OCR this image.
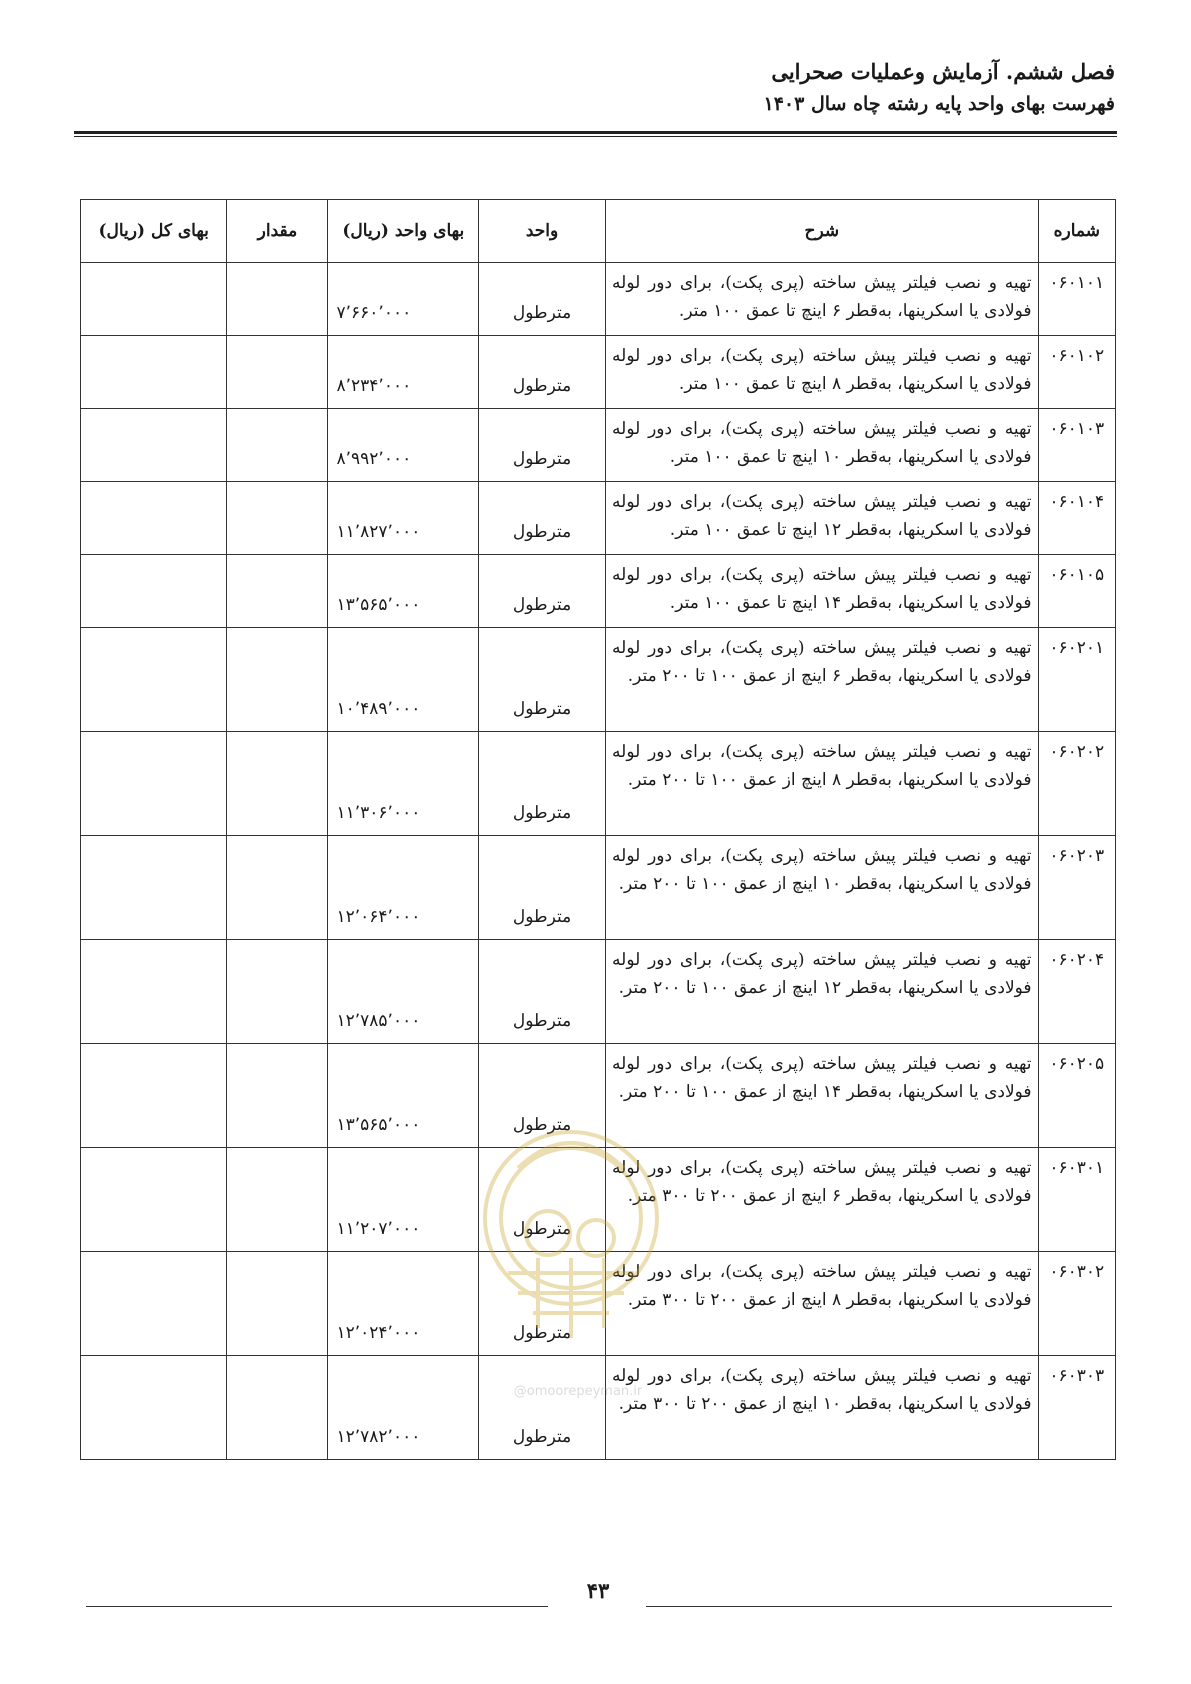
فصل ششم. آزمایش وعملیات صحرایی
فهرست بهای واحد پایه رشته چاه سال ۱۴۰۳
شماره	شرح	واحد	بهای واحد (ریال)	مقدار	بهای کل (ریال)
۰۶۰۱۰۱	تهیه و نصب فیلتر پیش ساخته (پری پکت)، برای دور لوله فولادی یا اسکرینها، به‌قطر ۶ اینچ تا عمق ۱۰۰ متر.	مترطول	۷٬۶۶۰٬۰۰۰		
۰۶۰۱۰۲	تهیه و نصب فیلتر پیش ساخته (پری پکت)، برای دور لوله فولادی یا اسکرینها، به‌قطر ۸ اینچ تا عمق ۱۰۰ متر.	مترطول	۸٬۲۳۴٬۰۰۰		
۰۶۰۱۰۳	تهیه و نصب فیلتر پیش ساخته (پری پکت)، برای دور لوله فولادی یا اسکرینها، به‌قطر ۱۰ اینچ تا عمق ۱۰۰ متر.	مترطول	۸٬۹۹۲٬۰۰۰		
۰۶۰۱۰۴	تهیه و نصب فیلتر پیش ساخته (پری پکت)، برای دور لوله فولادی یا اسکرینها، به‌قطر ۱۲ اینچ تا عمق ۱۰۰ متر.	مترطول	۱۱٬۸۲۷٬۰۰۰		
۰۶۰۱۰۵	تهیه و نصب فیلتر پیش ساخته (پری پکت)، برای دور لوله فولادی یا اسکرینها، به‌قطر ۱۴ اینچ تا عمق ۱۰۰ متر.	مترطول	۱۳٬۵۶۵٬۰۰۰		
۰۶۰۲۰۱	تهیه و نصب فیلتر پیش ساخته (پری پکت)، برای دور لوله فولادی یا اسکرینها، به‌قطر ۶ اینچ از عمق ۱۰۰ تا ۲۰۰ متر.	مترطول	۱۰٬۴۸۹٬۰۰۰		
۰۶۰۲۰۲	تهیه و نصب فیلتر پیش ساخته (پری پکت)، برای دور لوله فولادی یا اسکرینها، به‌قطر ۸ اینچ از عمق ۱۰۰ تا ۲۰۰ متر.	مترطول	۱۱٬۳۰۶٬۰۰۰		
۰۶۰۲۰۳	تهیه و نصب فیلتر پیش ساخته (پری پکت)، برای دور لوله فولادی یا اسکرینها، به‌قطر ۱۰ اینچ از عمق ۱۰۰ تا ۲۰۰ متر.	مترطول	۱۲٬۰۶۴٬۰۰۰		
۰۶۰۲۰۴	تهیه و نصب فیلتر پیش ساخته (پری پکت)، برای دور لوله فولادی یا اسکرینها، به‌قطر ۱۲ اینچ از عمق ۱۰۰ تا ۲۰۰ متر.	مترطول	۱۲٬۷۸۵٬۰۰۰		
۰۶۰۲۰۵	تهیه و نصب فیلتر پیش ساخته (پری پکت)، برای دور لوله فولادی یا اسکرینها، به‌قطر ۱۴ اینچ از عمق ۱۰۰ تا ۲۰۰ متر.	مترطول	۱۳٬۵۶۵٬۰۰۰		
۰۶۰۳۰۱	تهیه و نصب فیلتر پیش ساخته (پری پکت)، برای دور لوله فولادی یا اسکرینها، به‌قطر ۶ اینچ از عمق ۲۰۰ تا ۳۰۰ متر.	مترطول	۱۱٬۲۰۷٬۰۰۰		
۰۶۰۳۰۲	تهیه و نصب فیلتر پیش ساخته (پری پکت)، برای دور لوله فولادی یا اسکرینها، به‌قطر ۸ اینچ از عمق ۲۰۰ تا ۳۰۰ متر.	مترطول	۱۲٬۰۲۴٬۰۰۰		
۰۶۰۳۰۳	تهیه و نصب فیلتر پیش ساخته (پری پکت)، برای دور لوله فولادی یا اسکرینها، به‌قطر ۱۰ اینچ از عمق ۲۰۰ تا ۳۰۰ متر.	مترطول	۱۲٬۷۸۲٬۰۰۰		
@omoorepeyman.ir
۴۳
